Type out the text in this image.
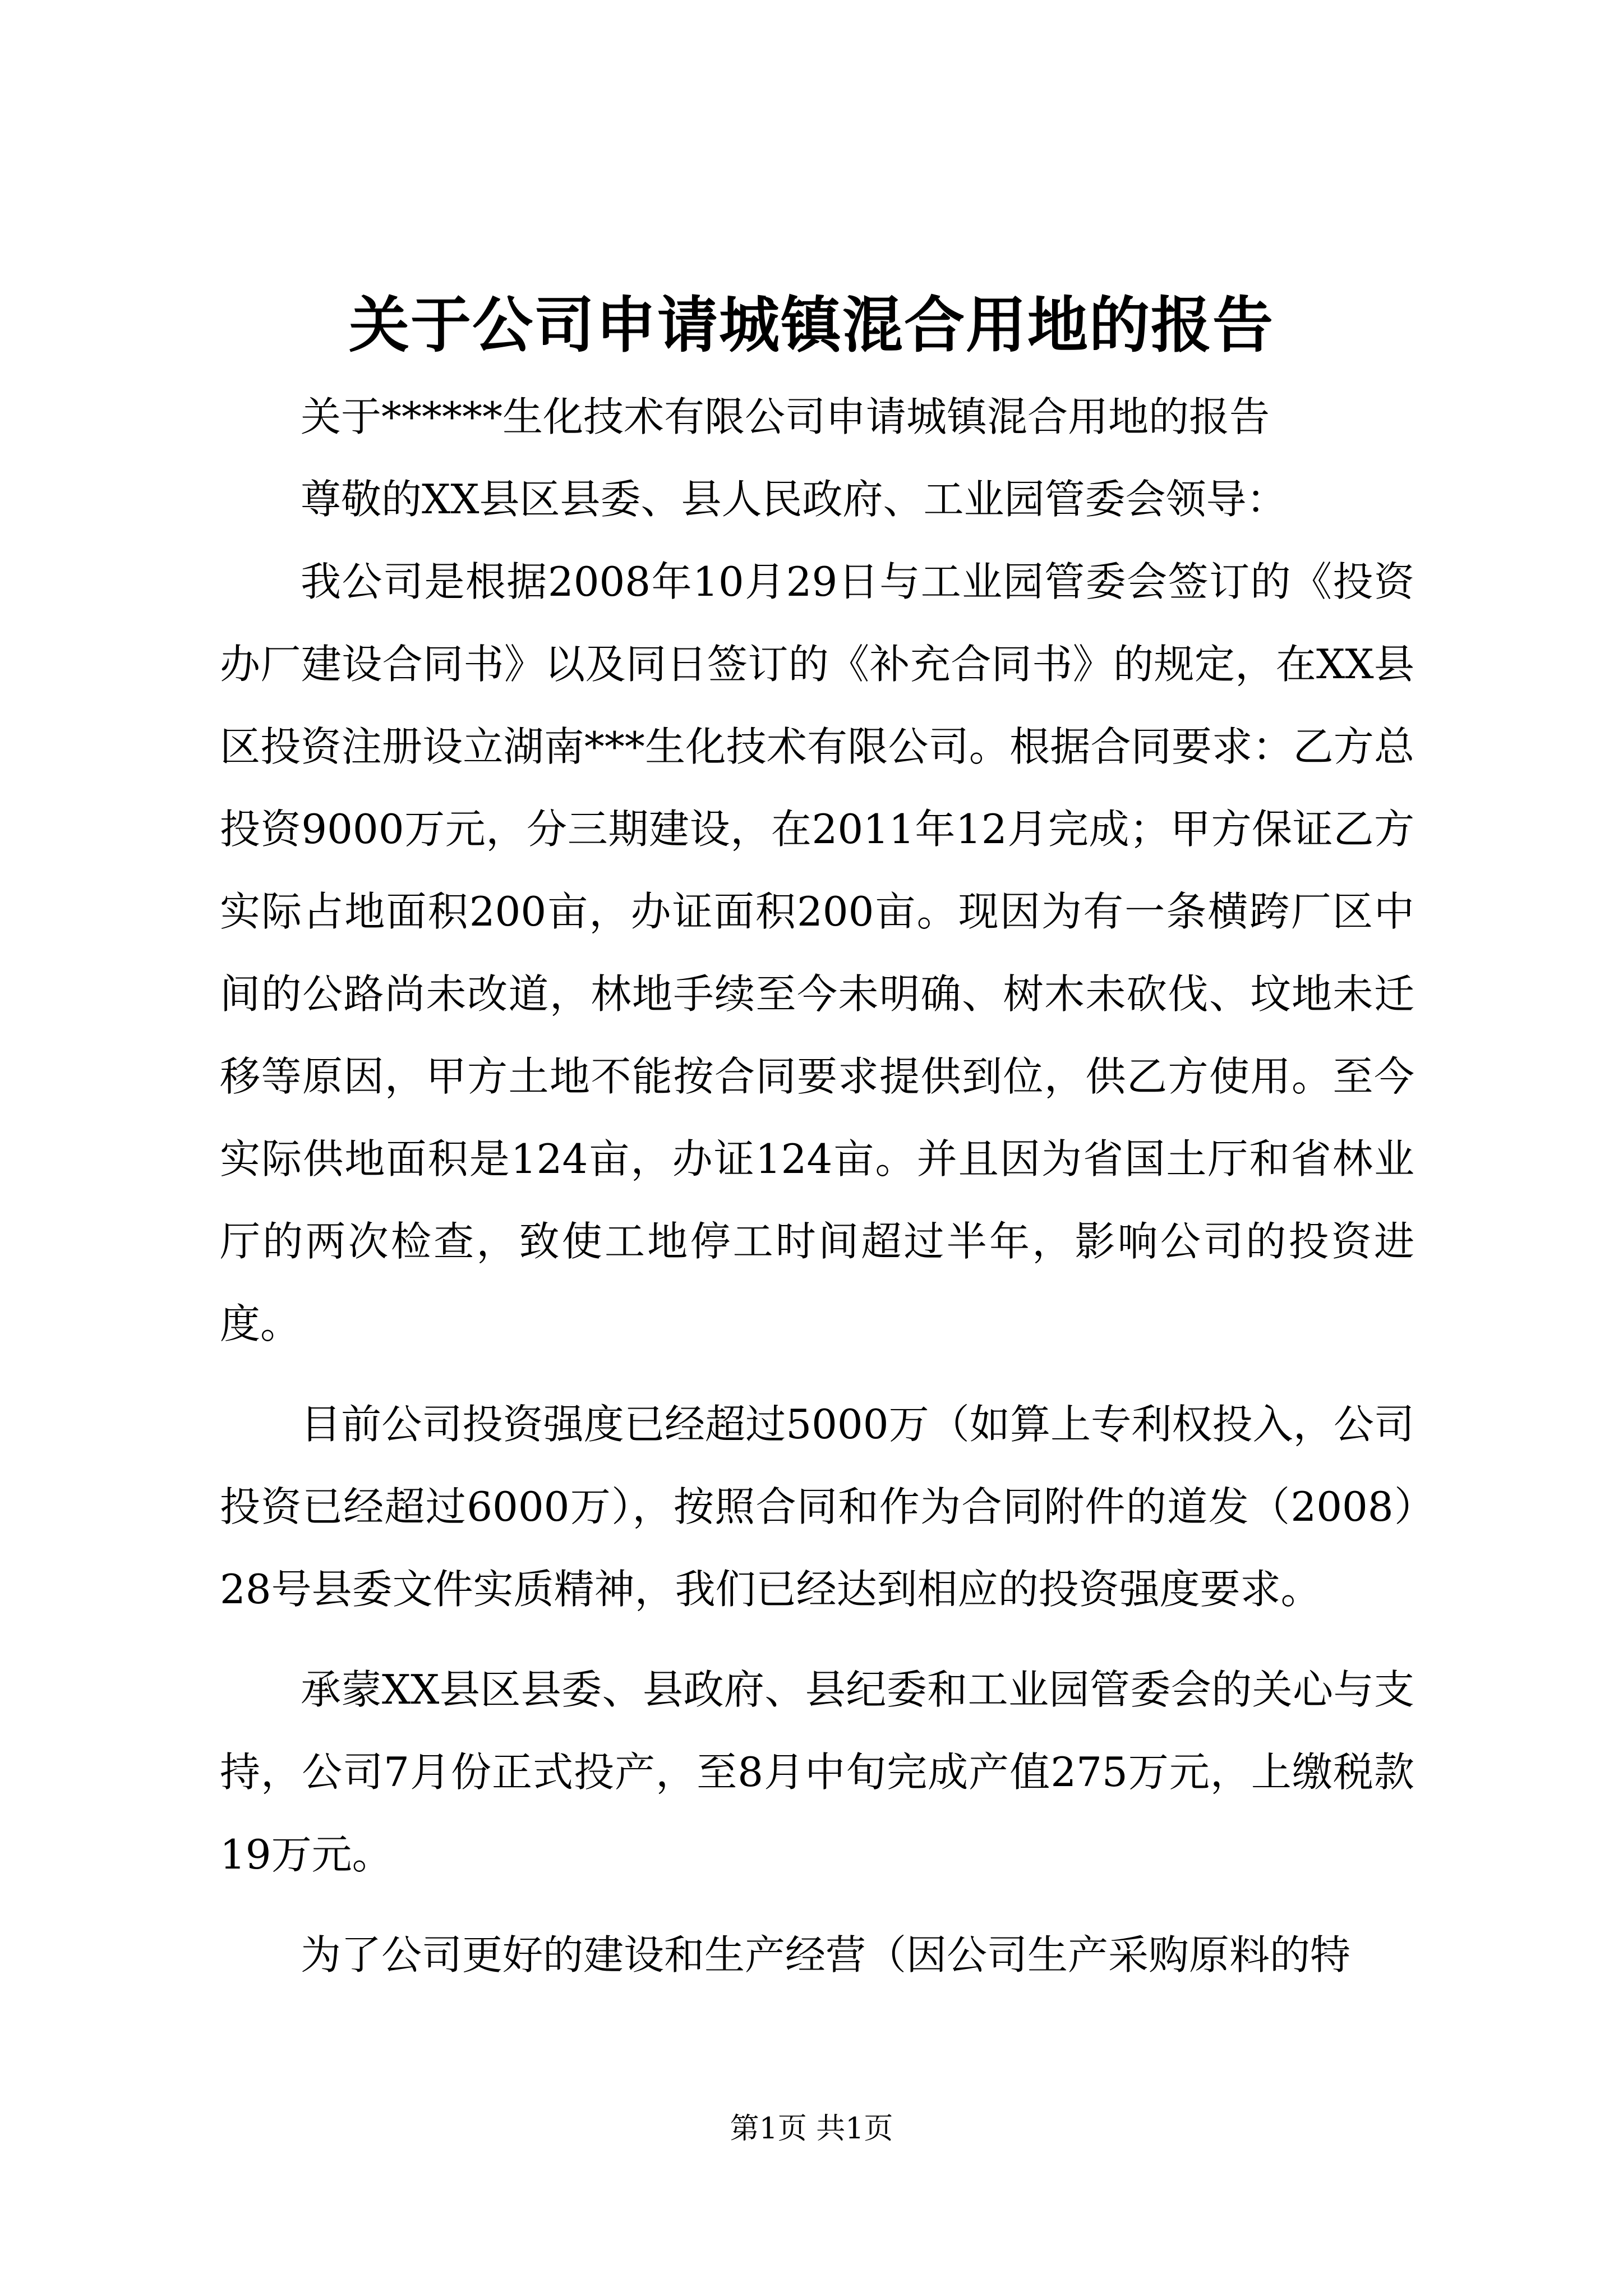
关于公司申请城镇混合用地的报告

关于******生化技术有限公司申请城镇混合用地的报告

尊敬的XX县区县委、县人民政府、工业园管委会领导：

我公司是根据2008年10月29日与工业园管委会签订的《投资办厂建设合同书》以及同日签订的《补充合同书》的规定，在XX县区投资注册设立湖南***生化技术有限公司。根据合同要求：乙方总投资9000万元，分三期建设，在2011年12月完成；甲方保证乙方实际占地面积200亩，办证面积200亩。现因为有一条横跨厂区中间的公路尚未改道，林地手续至今未明确、树木未砍伐、坟地未迁移等原因，甲方土地不能按合同要求提供到位，供乙方使用。至今实际供地面积是124亩，办证124亩。并且因为省国土厅和省林业厅的两次检查，致使工地停工时间超过半年，影响公司的投资进度。

目前公司投资强度已经超过5000万（如算上专利权投入，公司投资已经超过6000万），按照合同和作为合同附件的道发（2008）28号县委文件实质精神，我们已经达到相应的投资强度要求。

承蒙XX县区县委、县政府、县纪委和工业园管委会的关心与支持，公司7月份正式投产，至8月中旬完成产值275万元，上缴税款19万元。

为了公司更好的建设和生产经营（因公司生产采购原料的特

第1页 共1页
